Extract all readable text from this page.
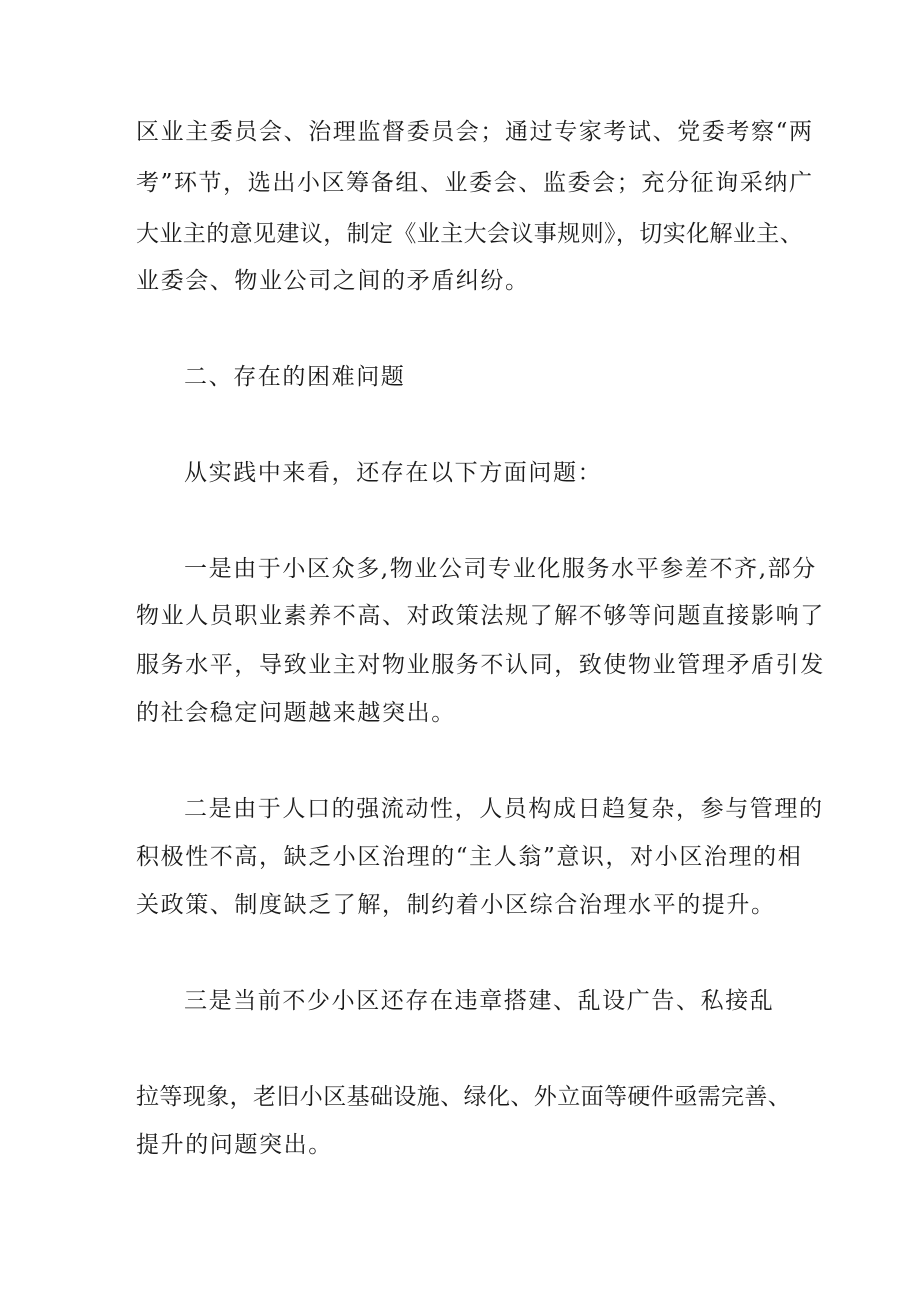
区业主委员会、治理监督委员会；通过专家考试、党委考察“两
考”环节，选出小区筹备组、业委会、监委会；充分征询采纳广
大业主的意见建议，制定《业主大会议事规则》，切实化解业主、
业委会、物业公司之间的矛盾纠纷。
二、存在的困难问题
从实践中来看，还存在以下方面问题：
一是由于小区众多,物业公司专业化服务水平参差不齐,部分
物业人员职业素养不高、对政策法规了解不够等问题直接影响了
服务水平，导致业主对物业服务不认同，致使物业管理矛盾引发
的社会稳定问题越来越突出。
二是由于人口的强流动性，人员构成日趋复杂，参与管理的
积极性不高，缺乏小区治理的“主人翁”意识，对小区治理的相
关政策、制度缺乏了解，制约着小区综合治理水平的提升。
三是当前不少小区还存在违章搭建、乱设广告、私接乱
拉等现象，老旧小区基础设施、绿化、外立面等硬件亟需完善、
提升的问题突出。
